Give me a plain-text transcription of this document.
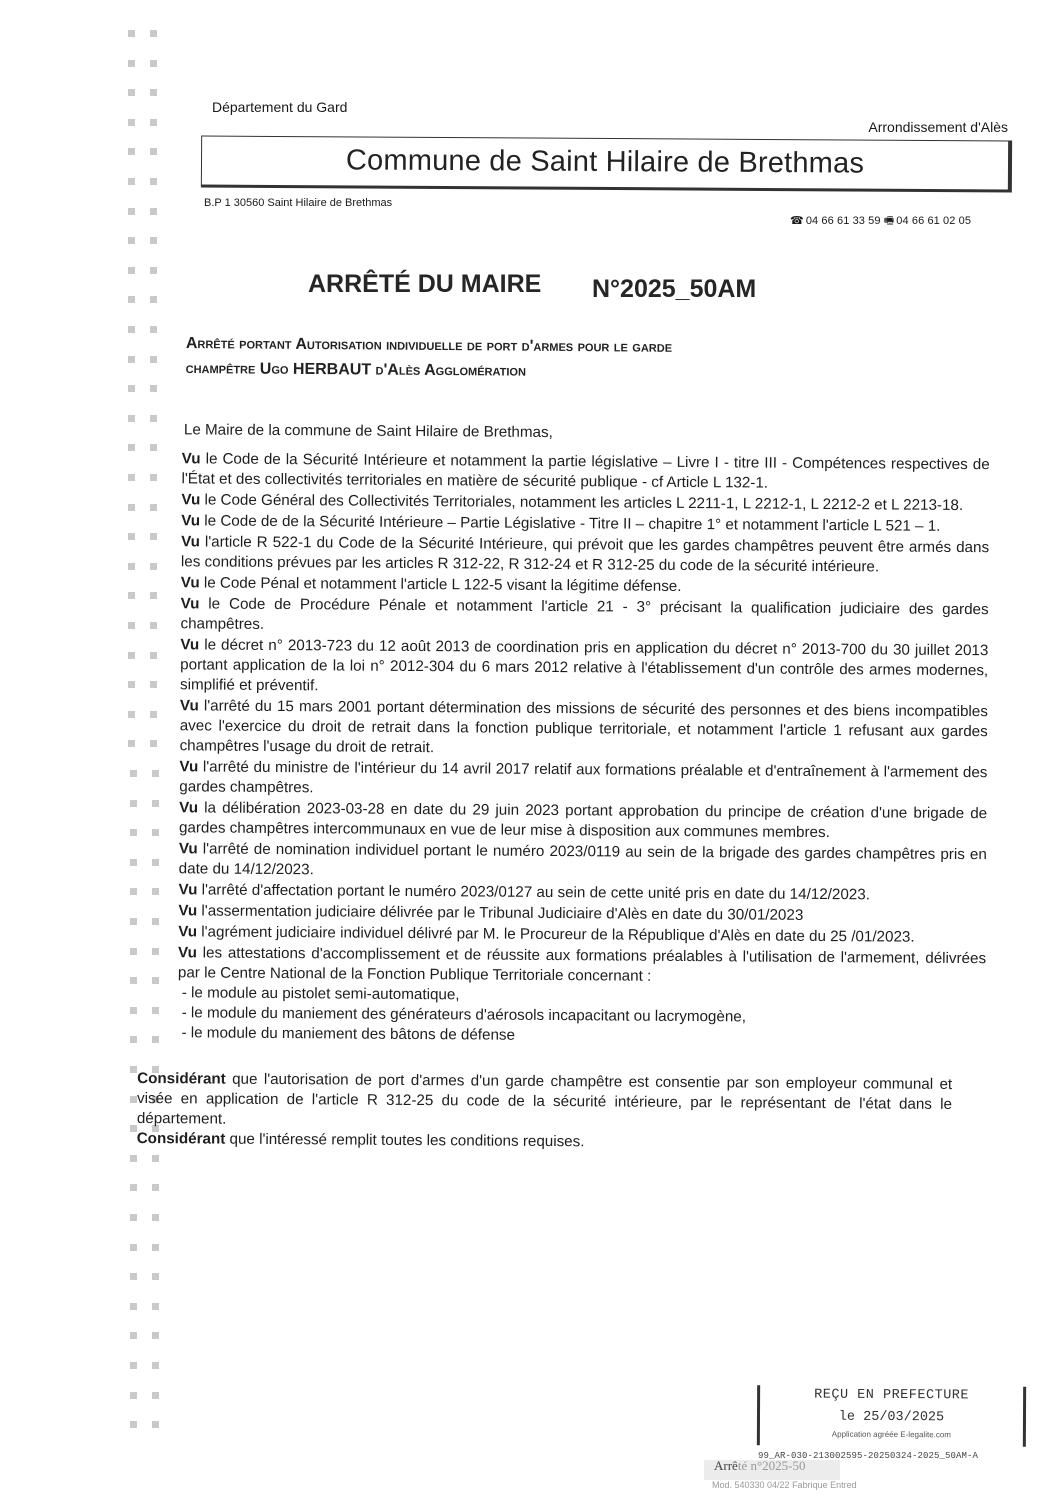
Département du Gard
Arrondissement d'Alès
Commune de Saint Hilaire de Brethmas
B.P 1 30560 Saint Hilaire de Brethmas
☎ 04 66 61 33 59 🖷 04 66 61 02 05
ARRÊTÉ DU MAIRE N°2025_50AM
Arrêté portant Autorisation individuelle de port d'armes pour le garde
champêtre Ugo HERBAUT d'Alès Agglomération

Le Maire de la commune de Saint Hilaire de Brethmas,

Vu le Code de la Sécurité Intérieure et notamment la partie législative – Livre I - titre III - Compétences respectives de l'État et des collectivités territoriales en matière de sécurité publique - cf Article L 132-1.

Vu le Code Général des Collectivités Territoriales, notamment les articles L 2211-1, L 2212-1, L 2212-2 et L 2213-18.

Vu le Code de de la Sécurité Intérieure – Partie Législative - Titre II – chapitre 1° et notamment l'article L 521 – 1.

Vu l'article R 522-1 du Code de la Sécurité Intérieure, qui prévoit que les gardes champêtres peuvent être armés dans les conditions prévues par les articles R 312-22, R 312-24 et R 312-25 du code de la sécurité intérieure.

Vu le Code Pénal et notamment l'article L 122-5 visant la légitime défense.

Vu le Code de Procédure Pénale et notamment l'article 21 - 3° précisant la qualification judiciaire des gardes champêtres.

Vu le décret n° 2013-723 du 12 août 2013 de coordination pris en application du décret n° 2013-700 du 30 juillet 2013 portant application de la loi n° 2012-304 du 6 mars 2012 relative à l'établissement d'un contrôle des armes modernes, simplifié et préventif.

Vu l'arrêté du 15 mars 2001 portant détermination des missions de sécurité des personnes et des biens incompatibles avec l'exercice du droit de retrait dans la fonction publique territoriale, et notamment l'article 1 refusant aux gardes champêtres l'usage du droit de retrait.

Vu l'arrêté du ministre de l'intérieur du 14 avril 2017 relatif aux formations préalable et d'entraînement à l'armement des gardes champêtres.

Vu la délibération 2023-03-28 en date du 29 juin 2023 portant approbation du principe de création d'une brigade de gardes champêtres intercommunaux en vue de leur mise à disposition aux communes membres.

Vu l'arrêté de nomination individuel portant le numéro 2023/0119 au sein de la brigade des gardes champêtres pris en date du 14/12/2023.

Vu l'arrêté d'affectation portant le numéro 2023/0127 au sein de cette unité pris en date du 14/12/2023.

Vu l'assermentation judiciaire délivrée par le Tribunal Judiciaire d'Alès en date du 30/01/2023

Vu l'agrément judiciaire individuel délivré par M. le Procureur de la République d'Alès en date du 25 /01/2023.

Vu les attestations d'accomplissement et de réussite aux formations préalables à l'utilisation de l'armement, délivrées par le Centre National de la Fonction Publique Territoriale concernant :

- le module au pistolet semi-automatique,
- le module du maniement des générateurs d'aérosols incapacitant ou lacrymogène,
- le module du maniement des bâtons de défense

Considérant que l'autorisation de port d'armes d'un garde champêtre est consentie par son employeur communal et visée en application de l'article R 312-25 du code de la sécurité intérieure, par le représentant de l'état dans le département.

Considérant que l'intéressé remplit toutes les conditions requises.

REÇU EN PREFECTURE
le 25/03/2025
Application agréée E-legalite.com
99_AR-030-213002595-20250324-2025_50AM-A
Arrêté n°2025-50
Mod. 540330 04/22 Fabrique Entred
